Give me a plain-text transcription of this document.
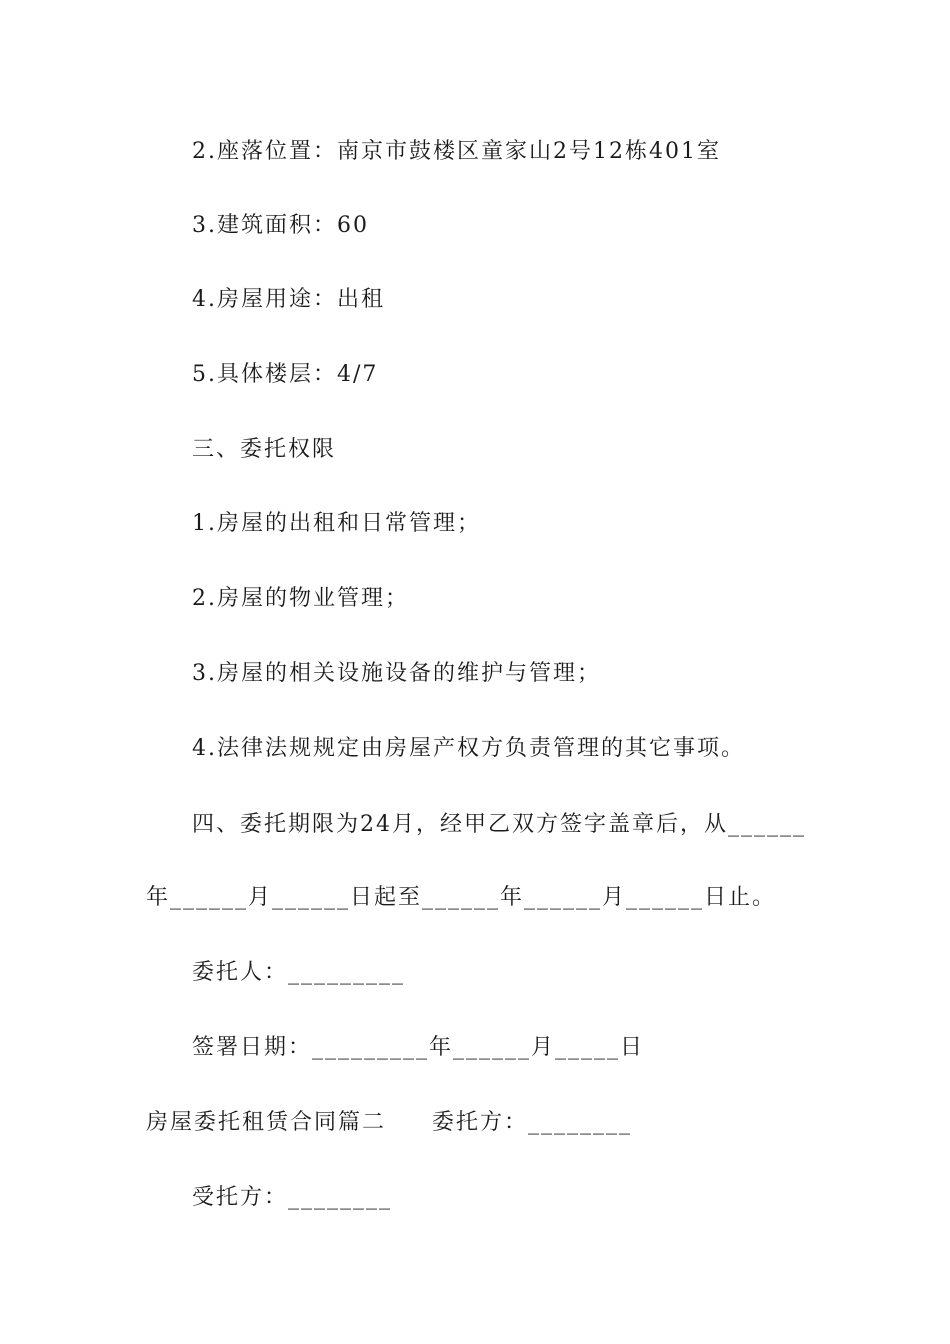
2.座落位置：南京市鼓楼区童家山2号12栋401室
3.建筑面积：60
4.房屋用途：出租
5.具体楼层：4/7
三、委托权限
1.房屋的出租和日常管理；
2.房屋的物业管理；
3.房屋的相关设施设备的维护与管理；
4.法律法规规定由房屋产权方负责管理的其它事项。
四、委托期限为24月，经甲乙双方签字盖章后，从______
年______月______日起至______年______月______日止。
委托人：_________
签署日期：_________年______月_____日
房屋委托租赁合同篇二 委托方：________
受托方：________
